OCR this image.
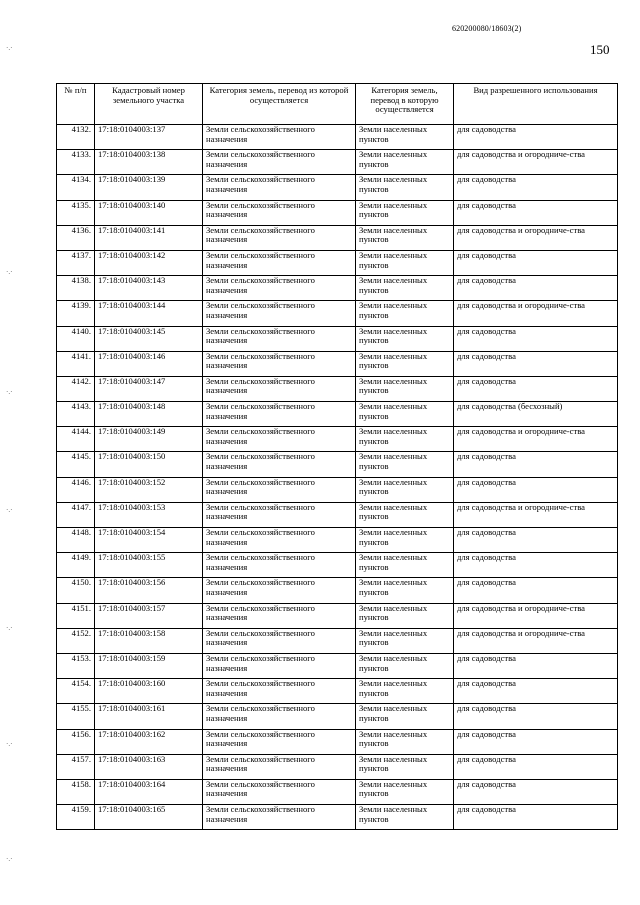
620200080/18603(2)
150
·.·
·.·
·.·
·.·
·.·
·.·
·.·
№ п/п	Кадастровый номер земельного участка	Категория земель, перевод из которой осуществляется	Категория земель, перевод в которую осуществляется	Вид разрешенного использования
4132.	17:18:0104003:137	Земли сельскохозяйственного назначения	Земли населенных пунктов	для садоводства
4133.	17:18:0104003:138	Земли сельскохозяйственного назначения	Земли населенных пунктов	для садоводства и огородниче-ства
4134.	17:18:0104003:139	Земли сельскохозяйственного назначения	Земли населенных пунктов	для садоводства
4135.	17:18:0104003:140	Земли сельскохозяйственного назначения	Земли населенных пунктов	для садоводства
4136.	17:18:0104003:141	Земли сельскохозяйственного назначения	Земли населенных пунктов	для садоводства и огородниче-ства
4137.	17:18:0104003:142	Земли сельскохозяйственного назначения	Земли населенных пунктов	для садоводства
4138.	17:18:0104003:143	Земли сельскохозяйственного назначения	Земли населенных пунктов	для садоводства
4139.	17:18:0104003:144	Земли сельскохозяйственного назначения	Земли населенных пунктов	для садоводства и огородниче-ства
4140.	17:18:0104003:145	Земли сельскохозяйственного назначения	Земли населенных пунктов	для садоводства
4141.	17:18:0104003:146	Земли сельскохозяйственного назначения	Земли населенных пунктов	для садоводства
4142.	17:18:0104003:147	Земли сельскохозяйственного назначения	Земли населенных пунктов	для садоводства
4143.	17:18:0104003:148	Земли сельскохозяйственного назначения	Земли населенных пунктов	для садоводства (бесхозный)
4144.	17:18:0104003:149	Земли сельскохозяйственного назначения	Земли населенных пунктов	для садоводства и огородниче-ства
4145.	17:18:0104003:150	Земли сельскохозяйственного назначения	Земли населенных пунктов	для садоводства
4146.	17:18:0104003:152	Земли сельскохозяйственного назначения	Земли населенных пунктов	для садоводства
4147.	17:18:0104003:153	Земли сельскохозяйственного назначения	Земли населенных пунктов	для садоводства и огородниче-ства
4148.	17:18:0104003:154	Земли сельскохозяйственного назначения	Земли населенных пунктов	для садоводства
4149.	17:18:0104003:155	Земли сельскохозяйственного назначения	Земли населенных пунктов	для садоводства
4150.	17:18:0104003:156	Земли сельскохозяйственного назначения	Земли населенных пунктов	для садоводства
4151.	17:18:0104003:157	Земли сельскохозяйственного назначения	Земли населенных пунктов	для садоводства и огородниче-ства
4152.	17:18:0104003:158	Земли сельскохозяйственного назначения	Земли населенных пунктов	для садоводства и огородниче-ства
4153.	17:18:0104003:159	Земли сельскохозяйственного назначения	Земли населенных пунктов	для садоводства
4154.	17:18:0104003:160	Земли сельскохозяйственного назначения	Земли населенных пунктов	для садоводства
4155.	17:18:0104003:161	Земли сельскохозяйственного назначения	Земли населенных пунктов	для садоводства
4156.	17:18:0104003:162	Земли сельскохозяйственного назначения	Земли населенных пунктов	для садоводства
4157.	17:18:0104003:163	Земли сельскохозяйственного назначения	Земли населенных пунктов	для садоводства
4158.	17:18:0104003:164	Земли сельскохозяйственного назначения	Земли населенных пунктов	для садоводства
4159.	17:18:0104003:165	Земли сельскохозяйственного назначения	Земли населенных пунктов	для садоводства
